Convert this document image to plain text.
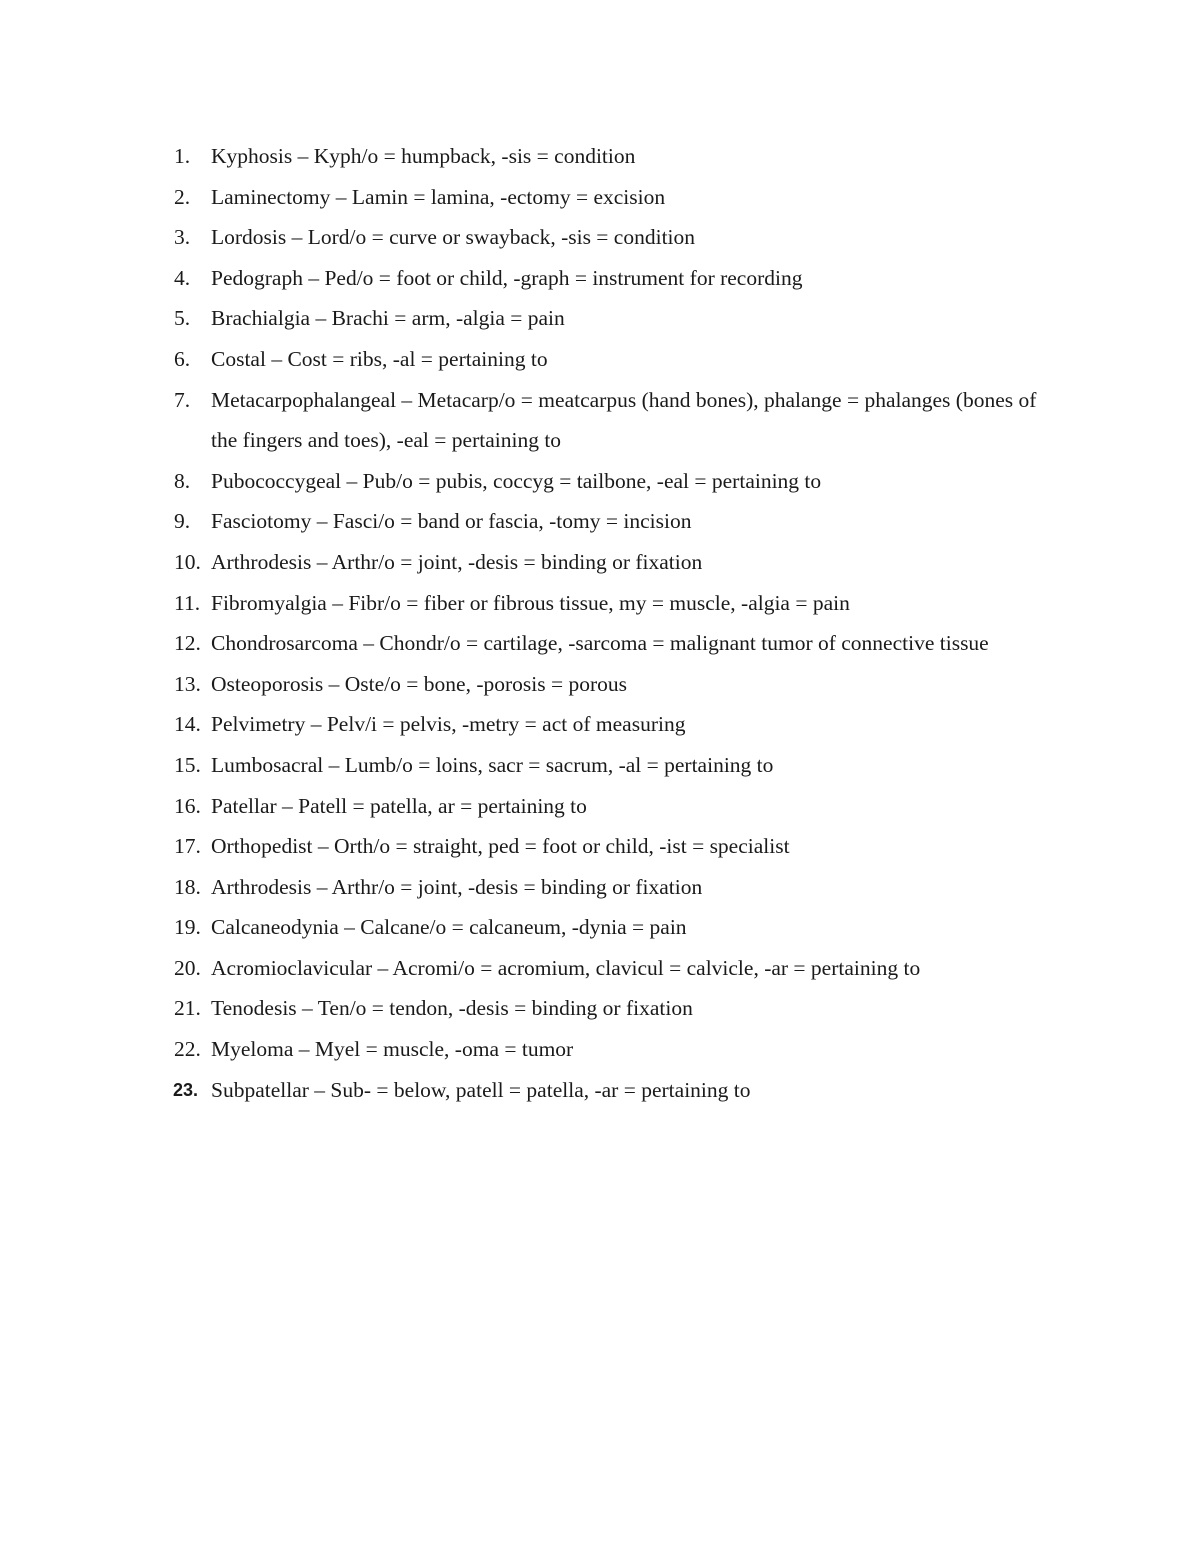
1. Kyphosis – Kyph/o = humpback, -sis = condition
2. Laminectomy – Lamin = lamina, -ectomy = excision
3. Lordosis – Lord/o = curve or swayback, -sis = condition
4. Pedograph – Ped/o = foot or child, -graph = instrument for recording
5. Brachialgia – Brachi = arm, -algia = pain
6. Costal – Cost = ribs, -al = pertaining to
7. Metacarpophalangeal – Metacarp/o = meatcarpus (hand bones), phalange = phalanges (bones of the fingers and toes), -eal = pertaining to
8. Pubococcygeal – Pub/o = pubis, coccyg = tailbone, -eal = pertaining to
9. Fasciotomy – Fasci/o = band or fascia, -tomy = incision
10. Arthrodesis – Arthr/o = joint, -desis = binding or fixation
11. Fibromyalgia – Fibr/o = fiber or fibrous tissue, my = muscle, -algia = pain
12. Chondrosarcoma – Chondr/o = cartilage, -sarcoma = malignant tumor of connective tissue
13. Osteoporosis – Oste/o = bone, -porosis = porous
14. Pelvimetry – Pelv/i = pelvis, -metry = act of measuring
15. Lumbosacral – Lumb/o = loins, sacr = sacrum, -al = pertaining to
16. Patellar – Patell = patella, ar = pertaining to
17. Orthopedist – Orth/o = straight, ped = foot or child, -ist = specialist
18. Arthrodesis – Arthr/o = joint, -desis = binding or fixation
19. Calcaneodynia – Calcane/o = calcaneum, -dynia = pain
20. Acromioclavicular – Acromi/o = acromium, clavicul = calvicle, -ar = pertaining to
21. Tenodesis – Ten/o = tendon, -desis = binding or fixation
22. Myeloma – Myel = muscle, -oma = tumor
23. Subpatellar – Sub- = below, patell = patella, -ar = pertaining to
